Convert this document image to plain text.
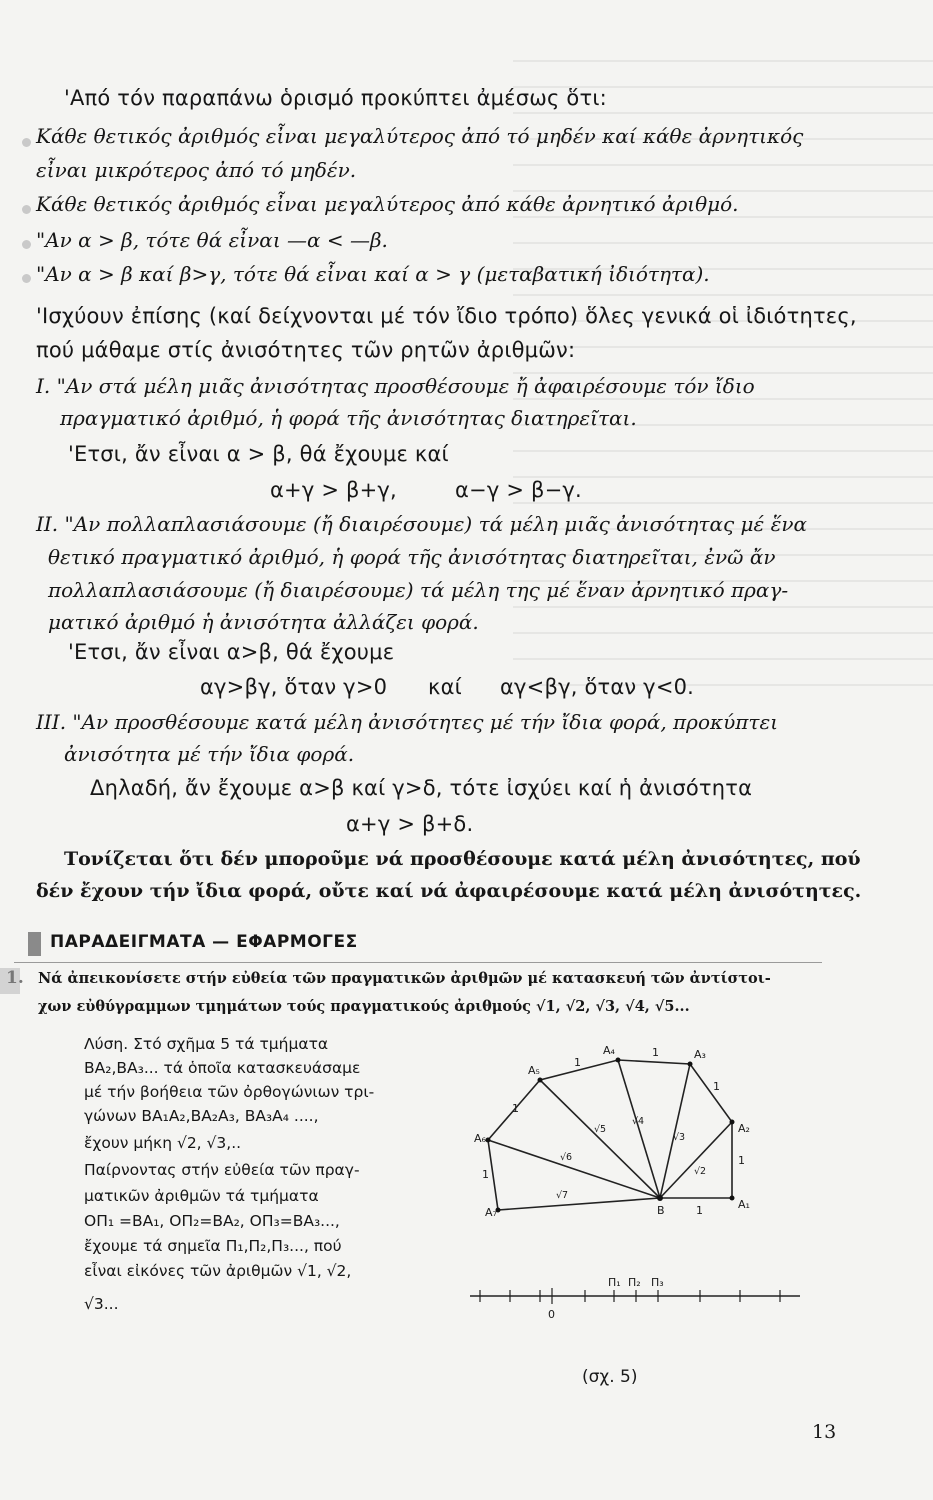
'Από τόν παραπάνω ὁρισμό προκύπτει ἀμέσως ὅτι:
Κάθε θετικός ἀριθμός εἶναι μεγαλύτερος ἀπό τό μηδέν καί κάθε ἀρνητικός
εἶναι μικρότερος ἀπό τό μηδέν.
Κάθε θετικός ἀριθμός εἶναι μεγαλύτερος ἀπό κάθε ἀρνητικό ἀριθμό.
"Αν α > β, τότε θά εἶναι —α < —β.
"Αν α > β καί β>γ, τότε θά εἶναι καί α > γ (μεταβατική ἰδιότητα).
'Ισχύουν ἐπίσης (καί δείχνονται μέ τόν ἴδιο τρόπο) ὅλες γενικά οἱ ἰδιότητες,
πού μάθαμε στίς ἀνισότητες τῶν ρητῶν ἀριθμῶν:
I. "Αν στά μέλη μιᾶς ἀνισότητας προσθέσουμε ἤ ἀφαιρέσουμε τόν ἴδιο
πραγματικό ἀριθμό, ἡ φορά τῆς ἀνισότητας διατηρεῖται.
'Ετσι, ἄν εἶναι α > β, θά ἔχουμε καί
α+γ > β+γ,	α−γ > β−γ.
II. "Αν πολλαπλασιάσουμε (ἤ διαιρέσουμε) τά μέλη μιᾶς ἀνισότητας μέ ἕνα
θετικό πραγματικό ἀριθμό, ἡ φορά τῆς ἀνισότητας διατηρεῖται, ἐνῶ ἄν
πολλαπλασιάσουμε (ἤ διαιρέσουμε) τά μέλη της μέ ἕναν ἀρνητικό πραγ-
ματικό ἀριθμό ἡ ἀνισότητα ἀλλάζει φορά.
'Ετσι, ἄν εἶναι α>β, θά ἔχουμε
αγ>βγ, ὅταν γ>0 καί αγ<βγ, ὅταν γ<0.
III. "Αν προσθέσουμε κατά μέλη ἀνισότητες μέ τήν ἴδια φορά, προκύπτει
ἀνισότητα μέ τήν ἴδια φορά.
Δηλαδή, ἄν ἔχουμε α>β καί γ>δ, τότε ἰσχύει καί ἡ ἀνισότητα
α+γ > β+δ.
Τονίζεται ὅτι δέν μποροῦμε νά προσθέσουμε κατά μέλη ἀνισότητες, πού
δέν ἔχουν τήν ἴδια φορά, οὔτε καί νά ἀφαιρέσουμε κατά μέλη ἀνισότητες.
ΠΑΡΑΔΕΙΓΜΑΤΑ — ΕΦΑΡΜΟΓΕΣ
1. Νά ἀπεικονίσετε στήν εὐθεία τῶν πραγματικῶν ἀριθμῶν μέ κατασκευή τῶν ἀντίστοι-
χων εὐθύγραμμων τμημάτων τούς πραγματικούς ἀριθμούς √1, √2, √3, √4, √5...
Λύση. Στό σχῆμα 5 τά τμήματα
ΒΑ₂,ΒΑ₃... τά ὁποῖα κατασκευάσαμε
μέ τήν βοήθεια τῶν ὀρθογώνιων τρι-
γώνων ΒΑ₁Α₂,ΒΑ₂Α₃, ΒΑ₃Α₄ ....,
ἔχουν μήκη √2, √3,..
Παίρνοντας στήν εὐθεία τῶν πραγ-
ματικῶν ἀριθμῶν τά τμήματα
ΟΠ₁ =ΒΑ₁, ΟΠ₂=ΒΑ₂, ΟΠ₃=ΒΑ₃...,
ἔχουμε τά σημεῖα Π₁,Π₂,Π₃..., πού
εἶναι εἰκόνες τῶν ἀριθμῶν √1, √2,
√3...
A₁
A₂
A₃
A₄
A₅
A₆
A₇	B	1
1
1
1
1
1
1	√2
√3
√4
√5
√6
√7
0
Π₁ Π₂ Π₃
(σχ. 5)
13
